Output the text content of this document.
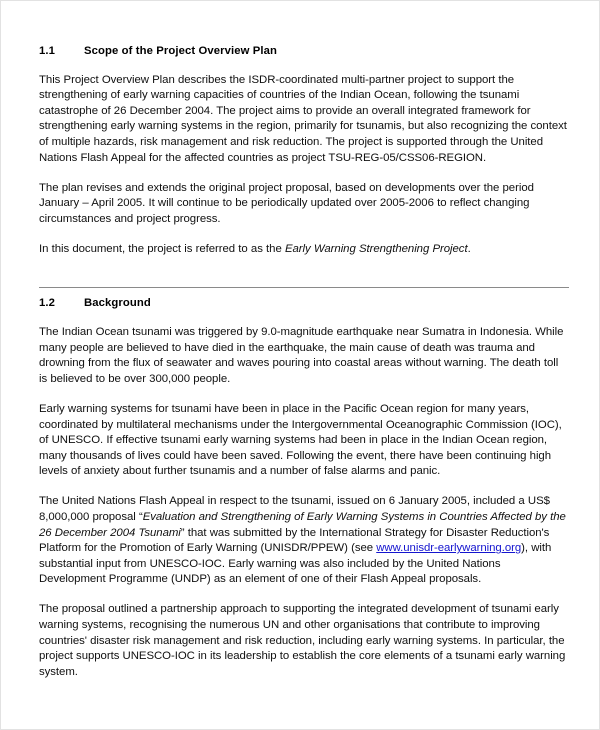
1.1	Scope of the Project Overview Plan

This Project Overview Plan describes the ISDR-coordinated multi-partner project to support the strengthening of early warning capacities of countries of the Indian Ocean, following the tsunami catastrophe of 26 December 2004. The project aims to provide an overall integrated framework for strengthening early warning systems in the region, primarily for tsunamis, but also recognizing the context of multiple hazards, risk management and risk reduction. The project is supported through the United Nations Flash Appeal for the affected countries as project TSU-REG-05/CSS06-REGION.

The plan revises and extends the original project proposal, based on developments over the period January – April 2005. It will continue to be periodically updated over 2005-2006 to reflect changing circumstances and project progress.

In this document, the project is referred to as the Early Warning Strengthening Project.

1.2	Background

The Indian Ocean tsunami was triggered by 9.0-magnitude earthquake near Sumatra in Indonesia. While many people are believed to have died in the earthquake, the main cause of death was trauma and drowning from the flux of seawater and waves pouring into coastal areas without warning. The death toll is believed to be over 300,000 people.

Early warning systems for tsunami have been in place in the Pacific Ocean region for many years, coordinated by multilateral mechanisms under the Intergovernmental Oceanographic Commission (IOC), of UNESCO. If effective tsunami early warning systems had been in place in the Indian Ocean region, many thousands of lives could have been saved. Following the event, there have been continuing high levels of anxiety about further tsunamis and a number of false alarms and panic.

The United Nations Flash Appeal in respect to the tsunami, issued on 6 January 2005, included a US$ 8,000,000 proposal “Evaluation and Strengthening of Early Warning Systems in Countries Affected by the 26 December 2004 Tsunami” that was submitted by the International Strategy for Disaster Reduction's Platform for the Promotion of Early Warning (UNISDR/PPEW) (see www.unisdr-earlywarning.org), with substantial input from UNESCO-IOC. Early warning was also included by the United Nations Development Programme (UNDP) as an element of one of their Flash Appeal proposals.

The proposal outlined a partnership approach to supporting the integrated development of tsunami early warning systems, recognising the numerous UN and other organisations that contribute to improving countries' disaster risk management and risk reduction, including early warning systems. In particular, the project supports UNESCO-IOC in its leadership to establish the core elements of a tsunami early warning system.
